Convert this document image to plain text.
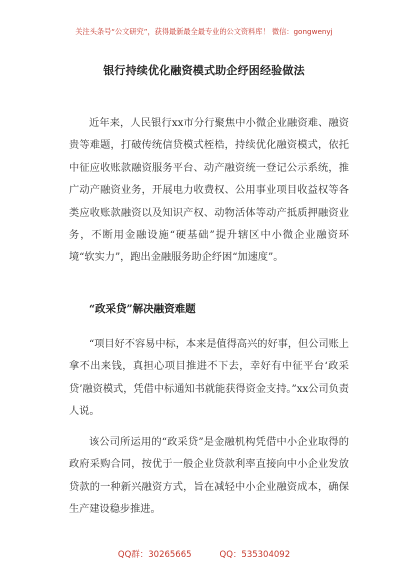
关注头条号“公文研究”，获得最新最全最专业的公文资料库！ 微信：gongwenyj
银行持续优化融资模式助企纾困经验做法

近年来，人民银行xx市分行聚焦中小微企业融资难、融资贵等难题，打破传统信贷模式桎梏，持续优化融资模式，依托中征应收账款融资服务平台、动产融资统一登记公示系统，推广动产融资业务，开展电力收费权、公用事业项目收益权等各类应收账款融资以及知识产权、动物活体等动产抵质押融资业务，不断用金融设施“硬基础”提升辖区中小微企业融资环境“软实力”，跑出金融服务助企纾困“加速度”。

“政采贷”解决融资难题

“项目好不容易中标，本来是值得高兴的好事，但公司账上拿不出来钱，真担心项目推进不下去，幸好有中征平台‘政采贷’融资模式，凭借中标通知书就能获得资金支持。”xx公司负责人说。

该公司所运用的“政采贷”是金融机构凭借中小企业取得的政府采购合同，按优于一般企业贷款利率直接向中小企业发放贷款的一种新兴融资方式，旨在减轻中小企业融资成本，确保生产建设稳步推进。

QQ群：30265665	QQ：535304092
